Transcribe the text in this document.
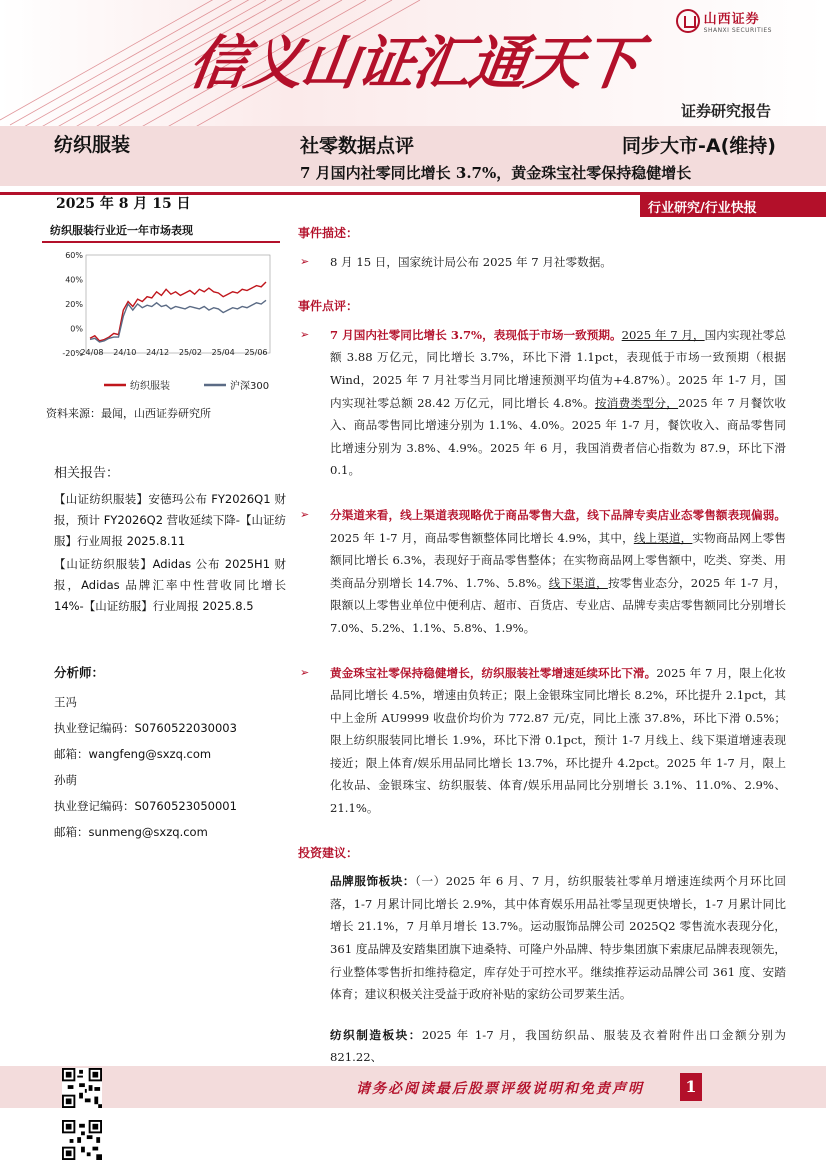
信义山证汇通天下
山西证券
SHANXI SECURITIES
证券研究报告
纺织服装	社零数据点评	同步大市-A(维持)
7 月国内社零同比增长 3.7%，黄金珠宝社零保持稳健增长
2025 年 8 月 15 日	行业研究/行业快报
纺织服装行业近一年市场表现
60%
40%
20%
0%
-20%
24/08 24/10 24/12 25/02 25/04 25/06
纺织服装	沪深300
资料来源：最闻，山西证券研究所
相关报告：
【山证纺织服装】安德玛公布 FY2026Q1 财报，预计 FY2026Q2 营收延续下降-【山证纺服】行业周报 2025.8.11
【山证纺织服装】Adidas 公布 2025H1 财报，Adidas 品牌汇率中性营收同比增长 14%-【山证纺服】行业周报 2025.8.5
分析师：
王冯
执业登记编码：S0760522030003
邮箱：wangfeng@sxzq.com
孙萌
执业登记编码：S0760523050001
邮箱：sunmeng@sxzq.com
事件描述：
➢ 8 月 15 日，国家统计局公布 2025 年 7 月社零数据。
事件点评：
➢ 7 月国内社零同比增长 3.7%，表现低于市场一致预期。2025 年 7 月，国内实现社零总额 3.88 万亿元，同比增长 3.7%，环比下滑 1.1pct，表现低于市场一致预期（根据 Wind，2025 年 7 月社零当月同比增速预测平均值为+4.87%）。2025 年 1-7 月，国内实现社零总额 28.42 万亿元，同比增长 4.8%。按消费类型分，2025 年 7 月餐饮收入、商品零售同比增速分别为 1.1%、4.0%。2025 年 1-7 月，餐饮收入、商品零售同比增速分别为 3.8%、4.9%。2025 年 6 月，我国消费者信心指数为 87.9，环比下滑 0.1。
➢ 分渠道来看，线上渠道表现略优于商品零售大盘，线下品牌专卖店业态零售额表现偏弱。2025 年 1-7 月，商品零售额整体同比增长 4.9%，其中，线上渠道，实物商品网上零售额同比增长 6.3%，表现好于商品零售整体；在实物商品网上零售额中，吃类、穿类、用类商品分别增长 14.7%、1.7%、5.8%。线下渠道，按零售业态分，2025 年 1-7 月，限额以上零售业单位中便利店、超市、百货店、专业店、品牌专卖店零售额同比分别增长 7.0%、5.2%、1.1%、5.8%、1.9%。
➢ 黄金珠宝社零保持稳健增长，纺织服装社零增速延续环比下滑。2025 年 7 月，限上化妆品同比增长 4.5%，增速由负转正；限上金银珠宝同比增长 8.2%，环比提升 2.1pct，其中上金所 AU9999 收盘价均价为 772.87 元/克，同比上涨 37.8%，环比下滑 0.5%；限上纺织服装同比增长 1.9%，环比下滑 0.1pct，预计 1-7 月线上、线下渠道增速表现接近；限上体育/娱乐用品同比增长 13.7%，环比提升 4.2pct。2025 年 1-7 月，限上化妆品、金银珠宝、纺织服装、体育/娱乐用品同比分别增长 3.1%、11.0%、2.9%、21.1%。
投资建议：
品牌服饰板块：（一）2025 年 6 月、7 月，纺织服装社零单月增速连续两个月环比回落，1-7 月累计同比增长 2.9%，其中体育娱乐用品社零呈现更快增长，1-7 月累计同比增长 21.1%，7 月单月增长 13.7%。运动服饰品牌公司 2025Q2 零售流水表现分化，361 度品牌及安踏集团旗下迪桑特、可隆户外品牌、特步集团旗下索康尼品牌表现领先，行业整体零售折扣维持稳定，库存处于可控水平。继续推荐运动品牌公司 361 度、安踏体育；建议积极关注受益于政府补贴的家纺公司罗莱生活。
纺织制造板块：2025 年 1-7 月，我国纺织品、服装及衣着附件出口金额分别为 821.22、
请务必阅读最后股票评级说明和免责声明	1
